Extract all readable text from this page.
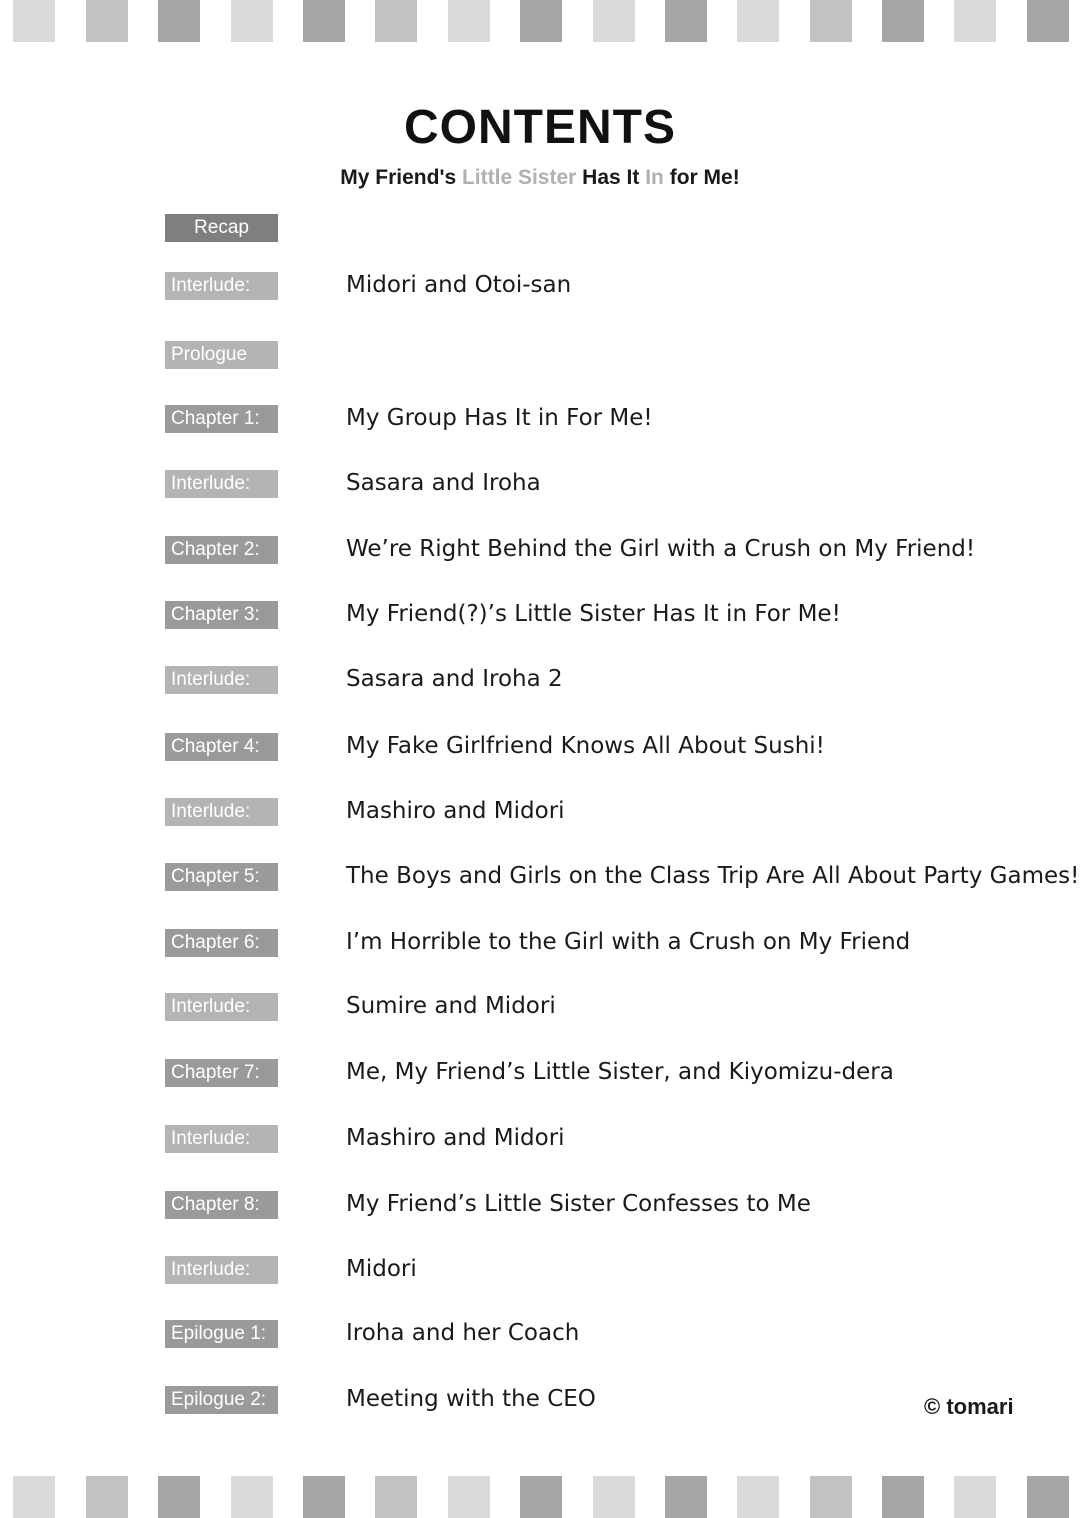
CONTENTS
My Friend's Little Sister Has It In for Me!
Recap
Interlude:	Midori and Otoi-san
Prologue
Chapter 1:	My Group Has It in For Me!
Interlude:	Sasara and Iroha
Chapter 2:	We’re Right Behind the Girl with a Crush on My Friend!
Chapter 3:	My Friend(?)’s Little Sister Has It in For Me!
Interlude:	Sasara and Iroha 2
Chapter 4:	My Fake Girlfriend Knows All About Sushi!
Interlude:	Mashiro and Midori
Chapter 5:	The Boys and Girls on the Class Trip Are All About Party Games!
Chapter 6:	I’m Horrible to the Girl with a Crush on My Friend
Interlude:	Sumire and Midori
Chapter 7:	Me, My Friend’s Little Sister, and Kiyomizu-dera
Interlude:	Mashiro and Midori
Chapter 8:	My Friend’s Little Sister Confesses to Me
Interlude:	Midori
Epilogue 1:	Iroha and her Coach
Epilogue 2:	Meeting with the CEO	© tomari
